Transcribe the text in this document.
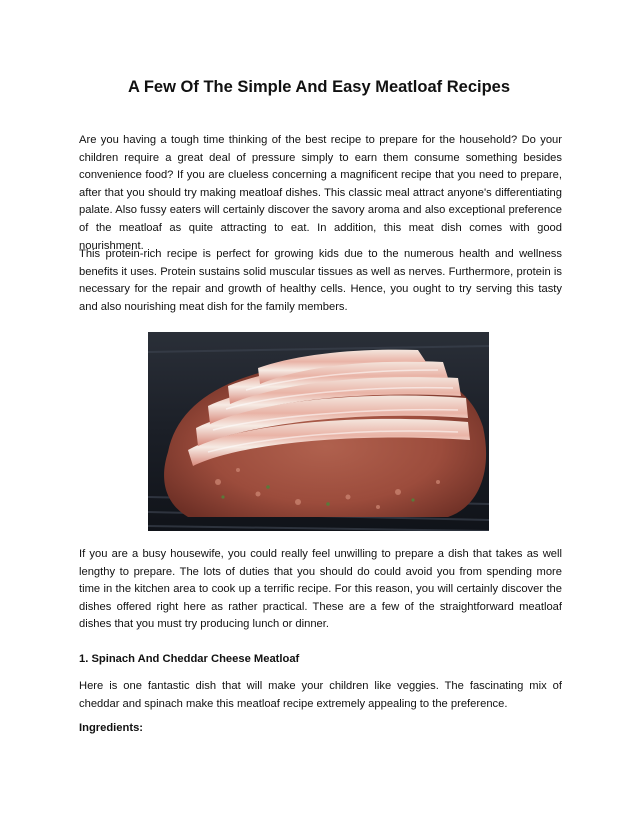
A Few Of The Simple And Easy Meatloaf Recipes

Are you having a tough time thinking of the best recipe to prepare for the household? Do your children require a great deal of pressure simply to earn them consume something besides convenience food? If you are clueless concerning a magnificent recipe that you need to prepare, after that you should try making meatloaf dishes. This classic meal attract anyone's differentiating palate. Also fussy eaters will certainly discover the savory aroma and also exceptional preference of the meatloaf as quite attracting to eat. In addition, this meat dish comes with good nourishment.

This protein-rich recipe is perfect for growing kids due to the numerous health and wellness benefits it uses. Protein sustains solid muscular tissues as well as nerves. Furthermore, protein is necessary for the repair and growth of healthy cells. Hence, you ought to try serving this tasty and also nourishing meat dish for the family members.

If you are a busy housewife, you could really feel unwilling to prepare a dish that takes as well lengthy to prepare. The lots of duties that you should do could avoid you from spending more time in the kitchen area to cook up a terrific recipe. For this reason, you will certainly discover the dishes offered right here as rather practical. These are a few of the straightforward meatloaf dishes that you must try producing lunch or dinner.

1. Spinach And Cheddar Cheese Meatloaf

Here is one fantastic dish that will make your children like veggies. The fascinating mix of cheddar and spinach make this meatloaf recipe extremely appealing to the preference.

Ingredients:
